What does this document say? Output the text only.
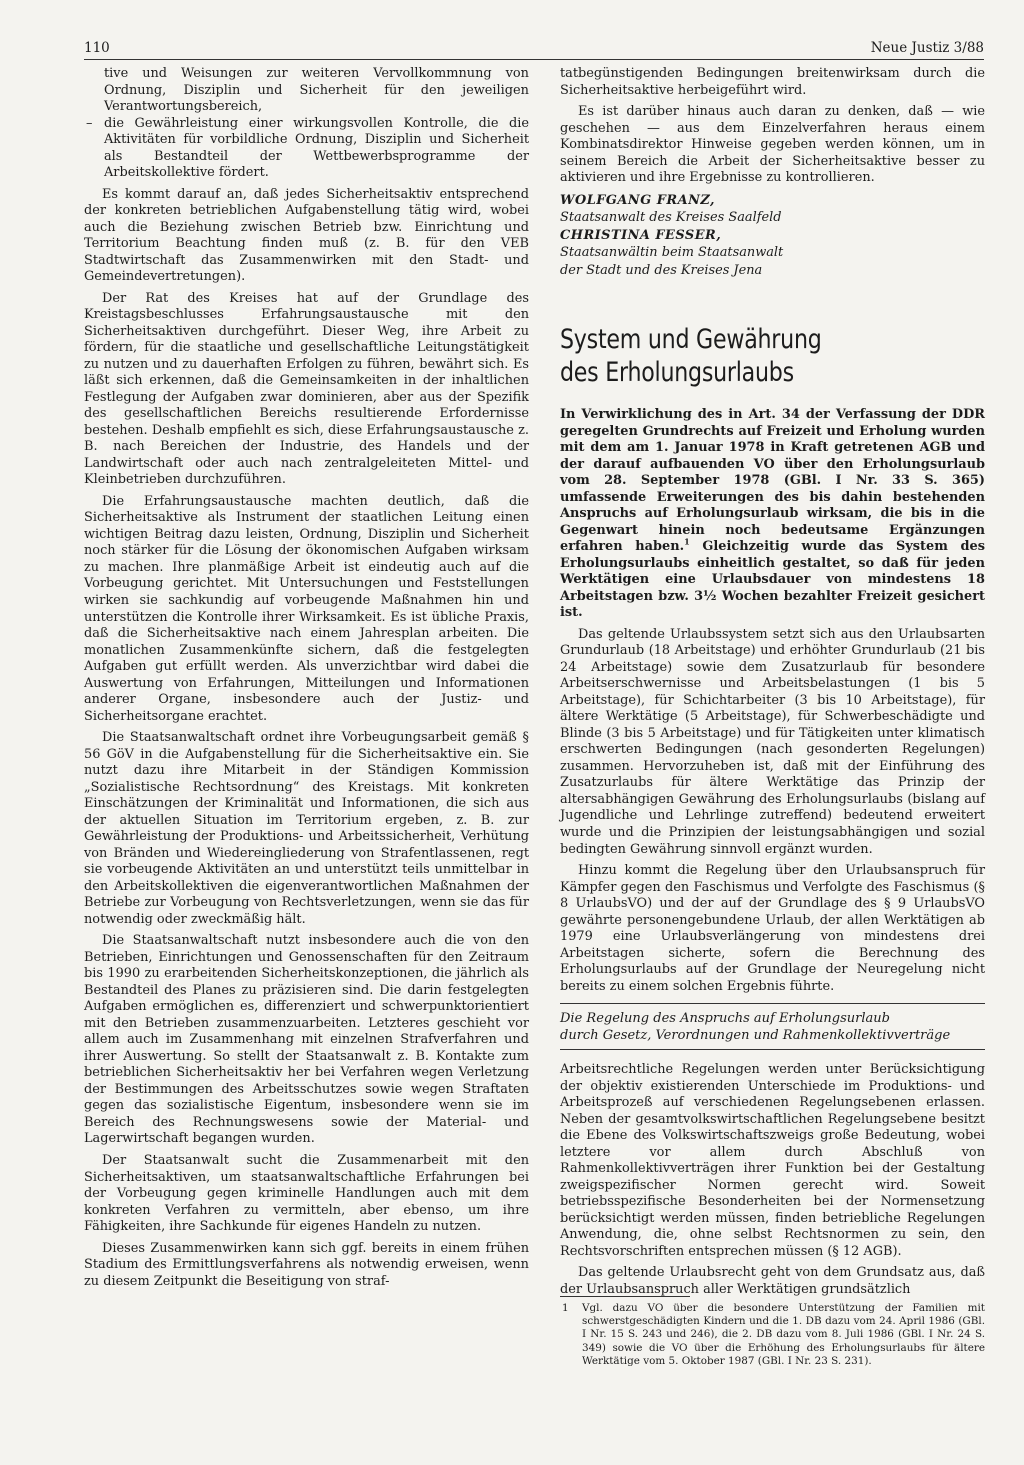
110	Neue Justiz 3/88
tive und Weisungen zur weiteren Vervollkommnung von Ordnung, Disziplin und Sicherheit für den jeweiligen Verantwortungsbereich,
– die Gewährleistung einer wirkungsvollen Kontrolle, die die Aktivitäten für vorbildliche Ordnung, Disziplin und Sicherheit als Bestandteil der Wettbewerbsprogramme der Arbeitskollektive fördert.

Es kommt darauf an, daß jedes Sicherheitsaktiv entsprechend der konkreten betrieblichen Aufgabenstellung tätig wird, wobei auch die Beziehung zwischen Betrieb bzw. Einrichtung und Territorium Beachtung finden muß (z. B. für den VEB Stadtwirtschaft das Zusammenwirken mit den Stadt- und Gemeindevertretungen).

Der Rat des Kreises hat auf der Grundlage des Kreistagsbeschlusses Erfahrungsaustausche mit den Sicherheitsaktiven durchgeführt. Dieser Weg, ihre Arbeit zu fördern, für die staatliche und gesellschaftliche Leitungstätigkeit zu nutzen und zu dauerhaften Erfolgen zu führen, bewährt sich. Es läßt sich erkennen, daß die Gemeinsamkeiten in der inhaltlichen Festlegung der Aufgaben zwar dominieren, aber aus der Spezifik des gesellschaftlichen Bereichs resultierende Erfordernisse bestehen. Deshalb empfiehlt es sich, diese Erfahrungsaustausche z. B. nach Bereichen der Industrie, des Handels und der Landwirtschaft oder auch nach zentralgeleiteten Mittel- und Kleinbetrieben durchzuführen.

Die Erfahrungsaustausche machten deutlich, daß die Sicherheitsaktive als Instrument der staatlichen Leitung einen wichtigen Beitrag dazu leisten, Ordnung, Disziplin und Sicherheit noch stärker für die Lösung der ökonomischen Aufgaben wirksam zu machen. Ihre planmäßige Arbeit ist eindeutig auch auf die Vorbeugung gerichtet. Mit Untersuchungen und Feststellungen wirken sie sachkundig auf vorbeugende Maßnahmen hin und unterstützen die Kontrolle ihrer Wirksamkeit. Es ist übliche Praxis, daß die Sicherheitsaktive nach einem Jahresplan arbeiten. Die monatlichen Zusammenkünfte sichern, daß die festgelegten Aufgaben gut erfüllt werden. Als unverzichtbar wird dabei die Auswertung von Erfahrungen, Mitteilungen und Informationen anderer Organe, insbesondere auch der Justiz- und Sicherheitsorgane erachtet.

Die Staatsanwaltschaft ordnet ihre Vorbeugungsarbeit gemäß § 56 GöV in die Aufgabenstellung für die Sicherheitsaktive ein. Sie nutzt dazu ihre Mitarbeit in der Ständigen Kommission „Sozialistische Rechtsordnung“ des Kreistags. Mit konkreten Einschätzungen der Kriminalität und Informationen, die sich aus der aktuellen Situation im Territorium ergeben, z. B. zur Gewährleistung der Produktions- und Arbeitssicherheit, Verhütung von Bränden und Wiedereingliederung von Strafentlassenen, regt sie vorbeugende Aktivitäten an und unterstützt teils unmittelbar in den Arbeitskollektiven die eigenverantwortlichen Maßnahmen der Betriebe zur Vorbeugung von Rechtsverletzungen, wenn sie das für notwendig oder zweckmäßig hält.

Die Staatsanwaltschaft nutzt insbesondere auch die von den Betrieben, Einrichtungen und Genossenschaften für den Zeitraum bis 1990 zu erarbeitenden Sicherheitskonzeptionen, die jährlich als Bestandteil des Planes zu präzisieren sind. Die darin festgelegten Aufgaben ermöglichen es, differenziert und schwerpunktorientiert mit den Betrieben zusammenzuarbeiten. Letzteres geschieht vor allem auch im Zusammenhang mit einzelnen Strafverfahren und ihrer Auswertung. So stellt der Staatsanwalt z. B. Kontakte zum betrieblichen Sicherheitsaktiv her bei Verfahren wegen Verletzung der Bestimmungen des Arbeitsschutzes sowie wegen Straftaten gegen das sozialistische Eigentum, insbesondere wenn sie im Bereich des Rechnungswesens sowie der Material- und Lagerwirtschaft begangen wurden.

Der Staatsanwalt sucht die Zusammenarbeit mit den Sicherheitsaktiven, um staatsanwaltschaftliche Erfahrungen bei der Vorbeugung gegen kriminelle Handlungen auch mit dem konkreten Verfahren zu vermitteln, aber ebenso, um ihre Fähigkeiten, ihre Sachkunde für eigenes Handeln zu nutzen.

Dieses Zusammenwirken kann sich ggf. bereits in einem frühen Stadium des Ermittlungsverfahrens als notwendig erweisen, wenn zu diesem Zeitpunkt die Beseitigung von straf-

tatbegünstigenden Bedingungen breitenwirksam durch die Sicherheitsaktive herbeigeführt wird.

Es ist darüber hinaus auch daran zu denken, daß — wie geschehen — aus dem Einzelverfahren heraus einem Kombinatsdirektor Hinweise gegeben werden können, um in seinem Bereich die Arbeit der Sicherheitsaktive besser zu aktivieren und ihre Ergebnisse zu kontrollieren.

WOLFGANG FRANZ,
Staatsanwalt des Kreises Saalfeld
CHRISTINA FESSER,
Staatsanwältin beim Staatsanwalt
der Stadt und des Kreises Jena
System und Gewährung
des Erholungsurlaubs

In Verwirklichung des in Art. 34 der Verfassung der DDR geregelten Grundrechts auf Freizeit und Erholung wurden mit dem am 1. Januar 1978 in Kraft getretenen AGB und der darauf aufbauenden VO über den Erholungsurlaub vom 28. September 1978 (GBl. I Nr. 33 S. 365) umfassende Erweiterungen des bis dahin bestehenden Anspruchs auf Erholungsurlaub wirksam, die bis in die Gegenwart hinein noch bedeutsame Ergänzungen erfahren haben.$^1$ Gleichzeitig wurde das System des Erholungsurlaubs einheitlich gestaltet, so daß für jeden Werktätigen eine Urlaubsdauer von mindestens 18 Arbeitstagen bzw. 3½ Wochen bezahlter Freizeit gesichert ist.

Das geltende Urlaubssystem setzt sich aus den Urlaubsarten Grundurlaub (18 Arbeitstage) und erhöhter Grundurlaub (21 bis 24 Arbeitstage) sowie dem Zusatzurlaub für besondere Arbeitserschwernisse und Arbeitsbelastungen (1 bis 5 Arbeitstage), für Schichtarbeiter (3 bis 10 Arbeitstage), für ältere Werktätige (5 Arbeitstage), für Schwerbeschädigte und Blinde (3 bis 5 Arbeitstage) und für Tätigkeiten unter klimatisch erschwerten Bedingungen (nach gesonderten Regelungen) zusammen. Hervorzuheben ist, daß mit der Einführung des Zusatzurlaubs für ältere Werktätige das Prinzip der altersabhängigen Gewährung des Erholungsurlaubs (bislang auf Jugendliche und Lehrlinge zutreffend) bedeutend erweitert wurde und die Prinzipien der leistungsabhängigen und sozial bedingten Gewährung sinnvoll ergänzt wurden.

Hinzu kommt die Regelung über den Urlaubsanspruch für Kämpfer gegen den Faschismus und Verfolgte des Faschismus (§ 8 UrlaubsVO) und der auf der Grundlage des § 9 UrlaubsVO gewährte personengebundene Urlaub, der allen Werktätigen ab 1979 eine Urlaubsverlängerung von mindestens drei Arbeitstagen sicherte, sofern die Berechnung des Erholungsurlaubs auf der Grundlage der Neuregelung nicht bereits zu einem solchen Ergebnis führte.

Die Regelung des Anspruchs auf Erholungsurlaub
durch Gesetz, Verordnungen und Rahmenkollektivverträge

Arbeitsrechtliche Regelungen werden unter Berücksichtigung der objektiv existierenden Unterschiede im Produktions- und Arbeitsprozeß auf verschiedenen Regelungsebenen erlassen. Neben der gesamtvolkswirtschaftlichen Regelungsebene besitzt die Ebene des Volkswirtschaftszweigs große Bedeutung, wobei letztere vor allem durch Abschluß von Rahmenkollektivverträgen ihrer Funktion bei der Gestaltung zweigspezifischer Normen gerecht wird. Soweit betriebsspezifische Besonderheiten bei der Normensetzung berücksichtigt werden müssen, finden betriebliche Regelungen Anwendung, die, ohne selbst Rechtsnormen zu sein, den Rechtsvorschriften entsprechen müssen (§ 12 AGB).

Das geltende Urlaubsrecht geht von dem Grundsatz aus, daß der Urlaubsanspruch aller Werktätigen grundsätzlich

1 Vgl. dazu VO über die besondere Unterstützung der Familien mit schwerstgeschädigten Kindern und die 1. DB dazu vom 24. April 1986 (GBl. I Nr. 15 S. 243 und 246), die 2. DB dazu vom 8. Juli 1986 (GBl. I Nr. 24 S. 349) sowie die VO über die Erhöhung des Erholungsurlaubs für ältere Werktätige vom 5. Oktober 1987 (GBl. I Nr. 23 S. 231).
